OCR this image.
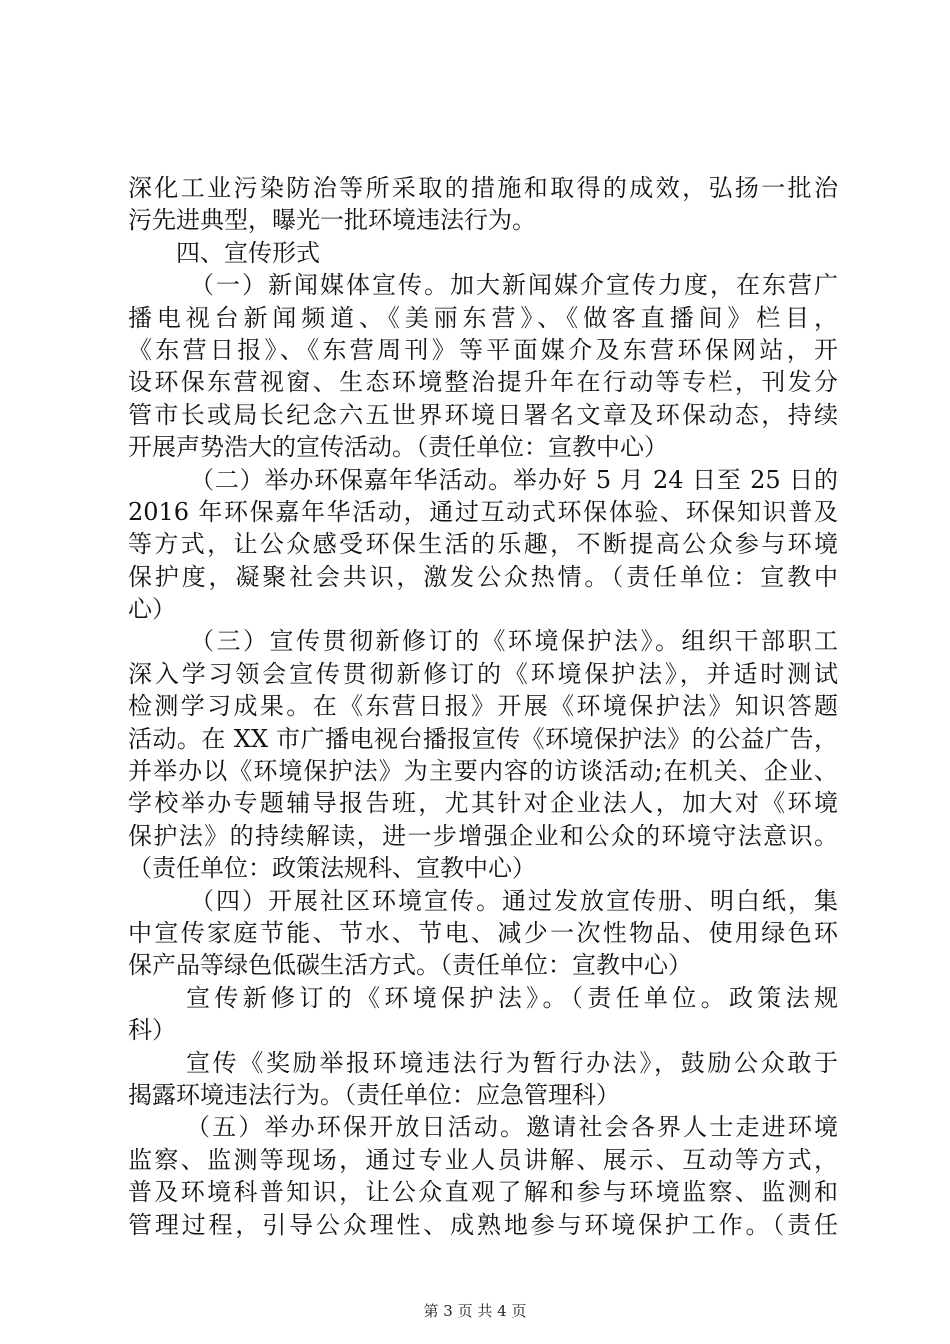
深化工业污染防治等所采取的措施和取得的成效，弘扬一批治
污先进典型，曝光一批环境违法行为。
四、宣传形式
（一）新闻媒体宣传。加大新闻媒介宣传力度，在东营广
播电视台新闻频道、《美丽东营》、《做客直播间》栏目，
《东营日报》、《东营周刊》等平面媒介及东营环保网站，开
设环保东营视窗、生态环境整治提升年在行动等专栏，刊发分
管市长或局长纪念六五世界环境日署名文章及环保动态，持续
开展声势浩大的宣传活动。（责任单位：宣教中心）
（二）举办环保嘉年华活动。举办好 5 月 24 日至 25 日的
2016 年环保嘉年华活动，通过互动式环保体验、环保知识普及
等方式，让公众感受环保生活的乐趣，不断提高公众参与环境
保护度，凝聚社会共识，激发公众热情。（责任单位：宣教中
心）
（三）宣传贯彻新修订的《环境保护法》。组织干部职工
深入学习领会宣传贯彻新修订的《环境保护法》，并适时测试
检测学习成果。在《东营日报》开展《环境保护法》知识答题
活动。在 XX 市广播电视台播报宣传《环境保护法》的公益广告，
并举办以《环境保护法》为主要内容的访谈活动;在机关、企业、
学校举办专题辅导报告班，尤其针对企业法人，加大对《环境
保护法》的持续解读，进一步增强企业和公众的环境守法意识。
（责任单位：政策法规科、宣教中心）
（四）开展社区环境宣传。通过发放宣传册、明白纸，集
中宣传家庭节能、节水、节电、减少一次性物品、使用绿色环
保产品等绿色低碳生活方式。（责任单位：宣教中心）
宣传新修订的《环境保护法》。（责任单位。政策法规
科）
宣传《奖励举报环境违法行为暂行办法》，鼓励公众敢于
揭露环境违法行为。（责任单位：应急管理科）
（五）举办环保开放日活动。邀请社会各界人士走进环境
监察、监测等现场，通过专业人员讲解、展示、互动等方式，
普及环境科普知识，让公众直观了解和参与环境监察、监测和
管理过程，引导公众理性、成熟地参与环境保护工作。（责任
第 3 页 共 4 页
